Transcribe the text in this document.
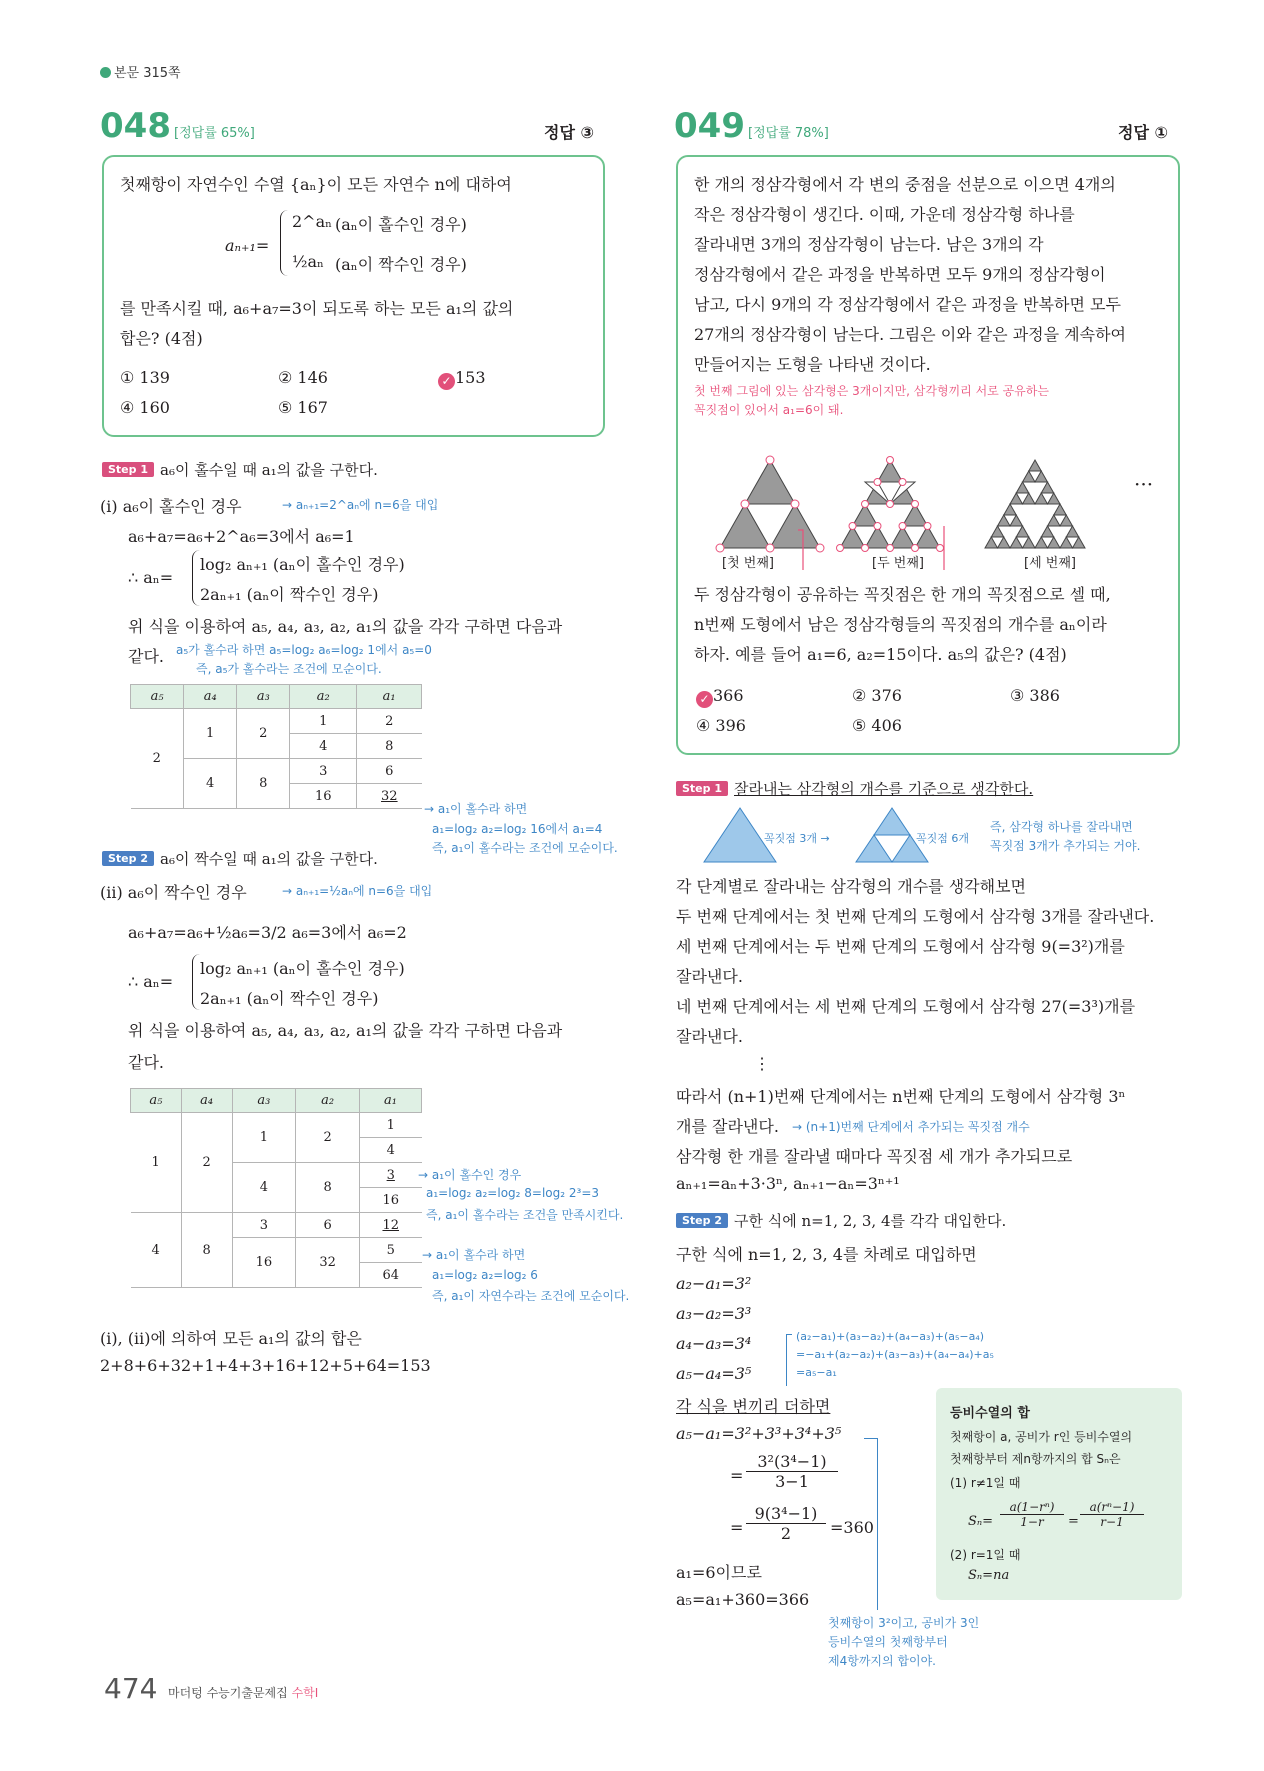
본문 315쪽
048 [정답률 65%]	정답 ③
첫째항이 자연수인 수열 {aₙ}이 모든 자연수 n에 대하여
aₙ₊₁=
2^aₙ (aₙ이 홀수인 경우)
½aₙ (aₙ이 짝수인 경우)
를 만족시킬 때, a₆+a₇=3이 되도록 하는 모든 a₁의 값의
합은? (4점)
① 139	② 146	✓ 153
④ 160	⑤ 167
Step 1 a₆이 홀수일 때 a₁의 값을 구한다.
(ⅰ) a₆이 홀수인 경우	→ aₙ₊₁=2^aₙ에 n=6을 대입
a₆+a₇=a₆+2^a₆=3에서 a₆=1
∴ aₙ=
log₂ aₙ₊₁ (aₙ이 홀수인 경우)
2aₙ₊₁ (aₙ이 짝수인 경우)
위 식을 이용하여 a₅, a₄, a₃, a₂, a₁의 값을 각각 구하면 다음과
같다. a₅가 홀수라 하면 a₅=log₂ a₆=log₂ 1에서 a₅=0
즉, a₅가 홀수라는 조건에 모순이다.
a₅	a₄	a₃	a₂	a₁
2	1	2	1	2
			4	8
	4	8	3	6
			16	32
→ a₁이 홀수라 하면
a₁=log₂ a₂=log₂ 16에서 a₁=4
즉, a₁이 홀수라는 조건에 모순이다.
Step 2 a₆이 짝수일 때 a₁의 값을 구한다.
(ⅱ) a₆이 짝수인 경우	→ aₙ₊₁=½aₙ에 n=6을 대입
a₆+a₇=a₆+½a₆=3/2 a₆=3에서 a₆=2
∴ aₙ=
log₂ aₙ₊₁ (aₙ이 홀수인 경우)
2aₙ₊₁ (aₙ이 짝수인 경우)
위 식을 이용하여 a₅, a₄, a₃, a₂, a₁의 값을 각각 구하면 다음과
같다.
a₅	a₄	a₃	a₂	a₁
1	2	1	2	1
				4
		4	8	3
				16
4	8	3	6	12
		16	32	5
				64
→ a₁이 홀수인 경우
a₁=log₂ a₂=log₂ 8=log₂ 2³=3
즉, a₁이 홀수라는 조건을 만족시킨다.
→ a₁이 홀수라 하면
a₁=log₂ a₂=log₂ 6
즉, a₁이 자연수라는 조건에 모순이다.
(ⅰ), (ⅱ)에 의하여 모든 a₁의 값의 합은
2+8+6+32+1+4+3+16+12+5+64=153
049 [정답률 78%]	정답 ①
한 개의 정삼각형에서 각 변의 중점을 선분으로 이으면 4개의
작은 정삼각형이 생긴다. 이때, 가운데 정삼각형 하나를
잘라내면 3개의 정삼각형이 남는다. 남은 3개의 각
정삼각형에서 같은 과정을 반복하면 모두 9개의 정삼각형이
남고, 다시 9개의 각 정삼각형에서 같은 과정을 반복하면 모두
27개의 정삼각형이 남는다. 그림은 이와 같은 과정을 계속하여
만들어지는 도형을 나타낸 것이다.
첫 번째 그림에 있는 삼각형은 3개이지만, 삼각형끼리 서로 공유하는
꼭짓점이 있어서 a₁=6이 돼.
[첫 번째]	[두 번째]	[세 번째]
···
두 정삼각형이 공유하는 꼭짓점은 한 개의 꼭짓점으로 셀 때,
n번째 도형에서 남은 정삼각형들의 꼭짓점의 개수를 aₙ이라
하자. 예를 들어 a₁=6, a₂=15이다. a₅의 값은? (4점)
✓ 366	② 376	③ 386
④ 396	⑤ 406
Step 1 잘라내는 삼각형의 개수를 기준으로 생각한다.
꼭짓점 3개 →	꼭짓점 6개
즉, 삼각형 하나를 잘라내면
꼭짓점 3개가 추가되는 거야.
각 단계별로 잘라내는 삼각형의 개수를 생각해보면
두 번째 단계에서는 첫 번째 단계의 도형에서 삼각형 3개를 잘라낸다.
세 번째 단계에서는 두 번째 단계의 도형에서 삼각형 9(=3²)개를
잘라낸다.
네 번째 단계에서는 세 번째 단계의 도형에서 삼각형 27(=3³)개를
잘라낸다.
⋮
따라서 (n+1)번째 단계에서는 n번째 단계의 도형에서 삼각형 3ⁿ
개를 잘라낸다. → (n+1)번째 단계에서 추가되는 꼭짓점 개수
삼각형 한 개를 잘라낼 때마다 꼭짓점 세 개가 추가되므로
aₙ₊₁=aₙ+3·3ⁿ, aₙ₊₁−aₙ=3ⁿ⁺¹
Step 2 구한 식에 n=1, 2, 3, 4를 각각 대입한다.
구한 식에 n=1, 2, 3, 4를 차례로 대입하면
a₂−a₁=3²
a₃−a₂=3³
a₄−a₃=3⁴
a₅−a₄=3⁵
각 식을 변끼리 더하면
a₅−a₁=3²+3³+3⁴+3⁵
(a₂−a₁)+(a₃−a₂)+(a₄−a₃)+(a₅−a₄)
=−a₁+(a₂−a₂)+(a₃−a₃)+(a₄−a₄)+a₅
=a₅−a₁
= $\frac{\text{3²(3⁴−1)}}{3-1}$
= $\frac{\text{9(3⁴−1)}}{2} =360$
a₁=6이므로
a₅=a₁+360=366
첫째항이 3²이고, 공비가 3인
등비수열의 첫째항부터
제4항까지의 합이야.
등비수열의 합
첫째항이 a, 공비가 r인 등비수열의
첫째항부터 제n항까지의 합 Sₙ은
(1) r≠1일 때
$S_n= \frac{\text{a(1−rⁿ)}}{1-r} = \frac{\text{a(rⁿ−1)}}{r-1}$
(2) r=1일 때
Sₙ=na
474 마더텅 수능기출문제집 수학Ⅰ
